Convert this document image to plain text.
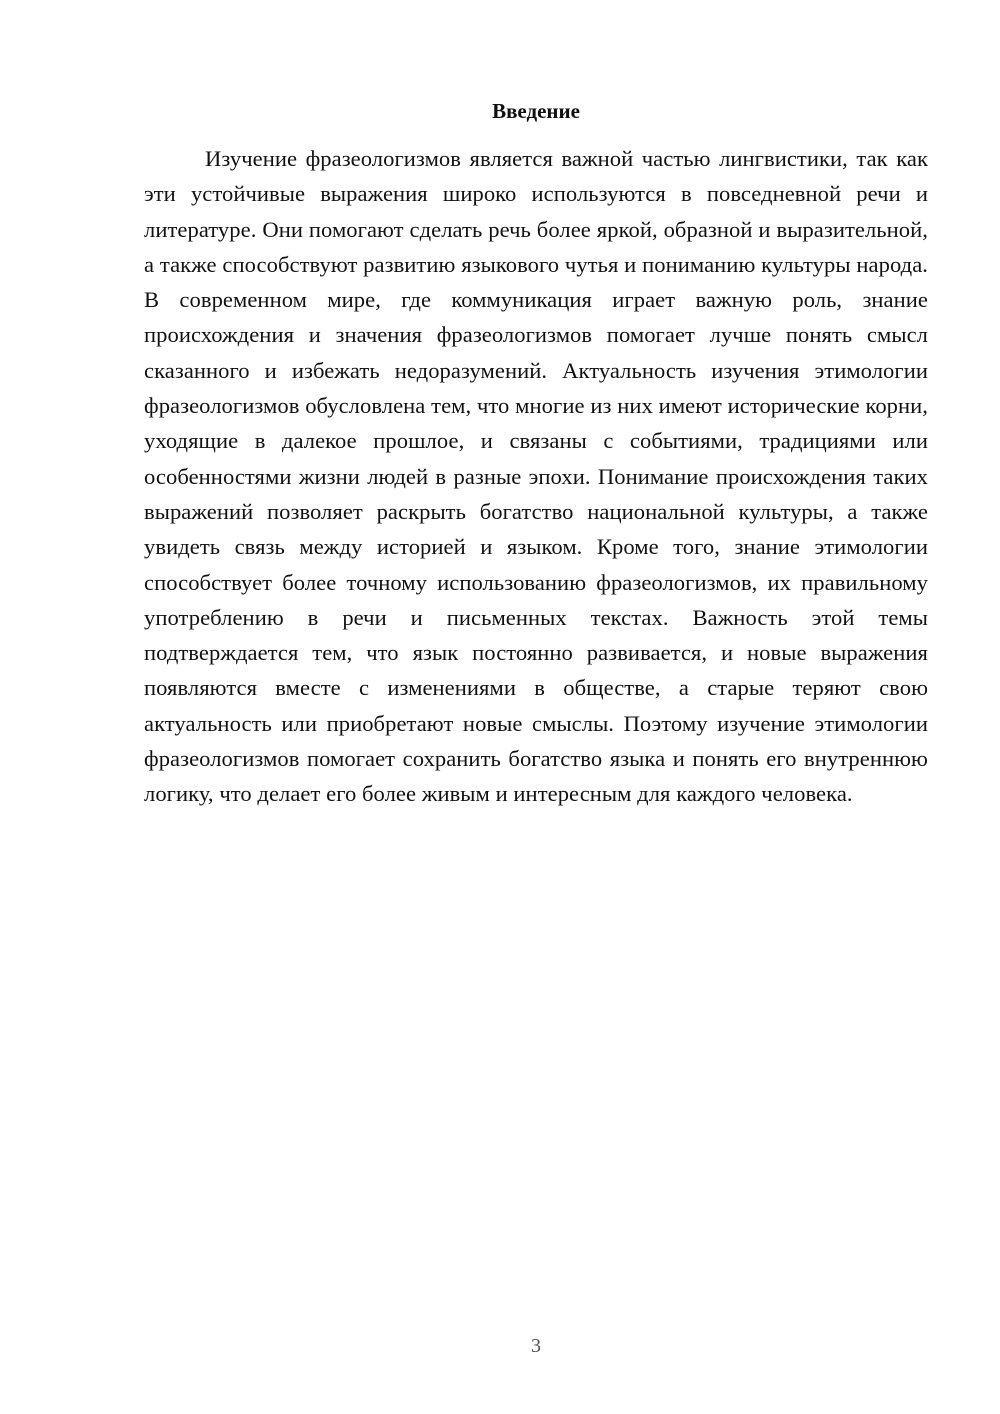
Введение

Изучение фразеологизмов является важной частью лингвистики, так как эти устойчивые выражения широко используются в повседневной речи и литературе. Они помогают сделать речь более яркой, образной и выразительной, а также способствуют развитию языкового чутья и пониманию культуры народа. В современном мире, где коммуникация играет важную роль, знание происхождения и значения фразеологизмов помогает лучше понять смысл сказанного и избежать недоразумений. Актуальность изучения этимологии фразеологизмов обусловлена тем, что многие из них имеют исторические корни, уходящие в далекое прошлое, и связаны с событиями, традициями или особенностями жизни людей в разные эпохи. Понимание происхождения таких выражений позволяет раскрыть богатство национальной культуры, а также увидеть связь между историей и языком. Кроме того, знание этимологии способствует более точному использованию фразеологизмов, их правильному употреблению в речи и письменных текстах. Важность этой темы подтверждается тем, что язык постоянно развивается, и новые выражения появляются вместе с изменениями в обществе, а старые теряют свою актуальность или приобретают новые смыслы. Поэтому изучение этимологии фразеологизмов помогает сохранить богатство языка и понять его внутреннюю логику, что делает его более живым и интересным для каждого человека.

3
